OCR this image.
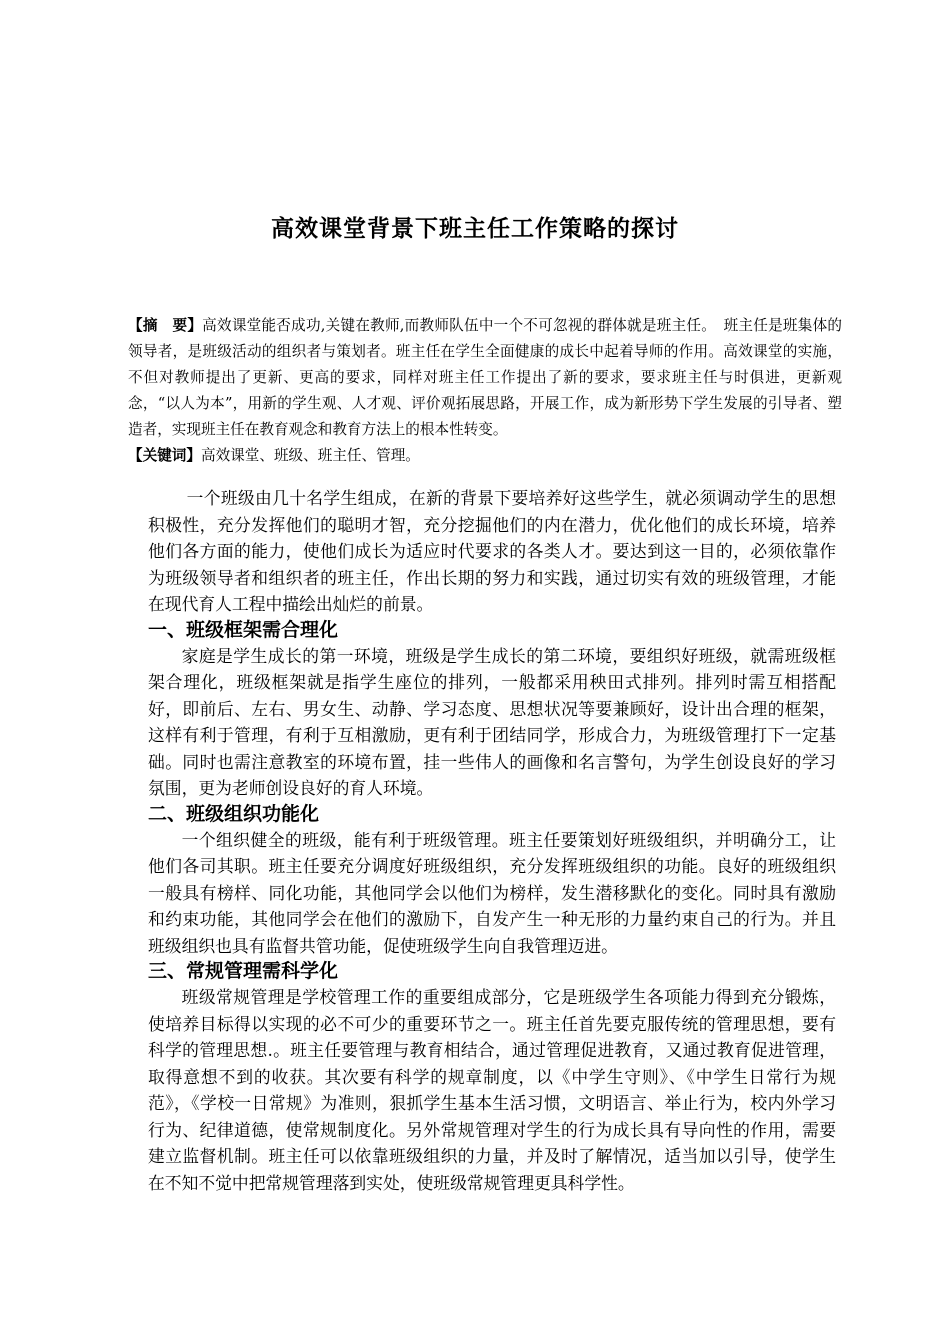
高效课堂背景下班主任工作策略的探讨

【摘　要】高效课堂能否成功,关键在教师,而教师队伍中一个不可忽视的群体就是班主任。　班主任是班集体的领导者，是班级活动的组织者与策划者。班主任在学生全面健康的成长中起着导师的作用。高效课堂的实施，不但对教师提出了更新、更高的要求，同样对班主任工作提出了新的要求，要求班主任与时俱进，更新观念，“以人为本”，用新的学生观、人才观、评价观拓展思路，开展工作，成为新形势下学生发展的引导者、塑造者，实现班主任在教育观念和教育方法上的根本性转变。

【关键词】高效课堂、班级、班主任、管理。

一个班级由几十名学生组成，在新的背景下要培养好这些学生，就必须调动学生的思想积极性，充分发挥他们的聪明才智，充分挖掘他们的内在潜力，优化他们的成长环境，培养他们各方面的能力，使他们成长为适应时代要求的各类人才。要达到这一目的，必须依靠作为班级领导者和组织者的班主任，作出长期的努力和实践，通过切实有效的班级管理，才能在现代育人工程中描绘出灿烂的前景。

一、班级框架需合理化

家庭是学生成长的第一环境，班级是学生成长的第二环境，要组织好班级，就需班级框架合理化，班级框架就是指学生座位的排列，一般都采用秧田式排列。排列时需互相搭配好，即前后、左右、男女生、动静、学习态度、思想状况等要兼顾好，设计出合理的框架，这样有利于管理，有利于互相激励，更有利于团结同学，形成合力，为班级管理打下一定基础。同时也需注意教室的环境布置，挂一些伟人的画像和名言警句，为学生创设良好的学习氛围，更为老师创设良好的育人环境。

二、班级组织功能化

一个组织健全的班级，能有利于班级管理。班主任要策划好班级组织，并明确分工，让他们各司其职。班主任要充分调度好班级组织，充分发挥班级组织的功能。良好的班级组织一般具有榜样、同化功能，其他同学会以他们为榜样，发生潜移默化的变化。同时具有激励和约束功能，其他同学会在他们的激励下，自发产生一种无形的力量约束自己的行为。并且班级组织也具有监督共管功能，促使班级学生向自我管理迈进。

三、常规管理需科学化

班级常规管理是学校管理工作的重要组成部分，它是班级学生各项能力得到充分锻炼，使培养目标得以实现的必不可少的重要环节之一。班主任首先要克服传统的管理思想，要有科学的管理思想.。班主任要管理与教育相结合，通过管理促进教育，又通过教育促进管理，取得意想不到的收获。其次要有科学的规章制度，以《中学生守则》、《中学生日常行为规范》，《学校一日常规》为准则，狠抓学生基本生活习惯，文明语言、举止行为，校内外学习行为、纪律道德，使常规制度化。另外常规管理对学生的行为成长具有导向性的作用，需要建立监督机制。班主任可以依靠班级组织的力量，并及时了解情况，适当加以引导，使学生在不知不觉中把常规管理落到实处，使班级常规管理更具科学性。
